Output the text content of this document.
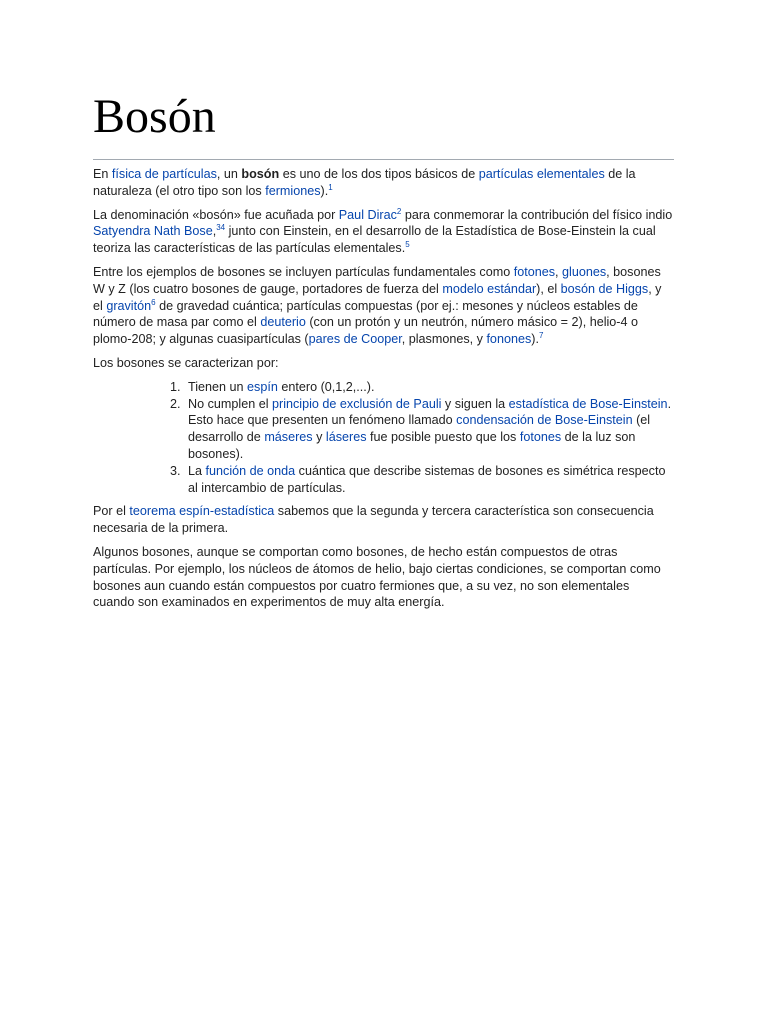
Bosón

En física de partículas, un bosón es uno de los dos tipos básicos de partículas elementales de la naturaleza (el otro tipo son los fermiones).$^1$

La denominación «bosón» fue acuñada por Paul Dirac$^2$ para conmemorar la contribución del físico indio Satyendra Nath Bose,$^{34}$ junto con Einstein, en el desarrollo de la Estadística de Bose-Einstein la cual teoriza las características de las partículas elementales.$^5$

Entre los ejemplos de bosones se incluyen partículas fundamentales como fotones, gluones, bosones W y Z (los cuatro bosones de gauge, portadores de fuerza del modelo estándar), el bosón de Higgs, y el gravitón$^6$ de gravedad cuántica; partículas compuestas (por ej.: mesones y núcleos estables de número de masa par como el deuterio (con un protón y un neutrón, número másico = 2), helio-4 o plomo-208; y algunas cuasipartículas (pares de Cooper, plasmones, y fonones).$^7$

Los bosones se caracterizan por:

1. Tienen un espín entero (0,1,2,...).
2. No cumplen el principio de exclusión de Pauli y siguen la estadística de Bose-Einstein. Esto hace que presenten un fenómeno llamado condensación de Bose-Einstein (el desarrollo de máseres y láseres fue posible puesto que los fotones de la luz son bosones).
3. La función de onda cuántica que describe sistemas de bosones es simétrica respecto al intercambio de partículas.

Por el teorema espín-estadística sabemos que la segunda y tercera característica son consecuencia necesaria de la primera.

Algunos bosones, aunque se comportan como bosones, de hecho están compuestos de otras partículas. Por ejemplo, los núcleos de átomos de helio, bajo ciertas condiciones, se comportan como bosones aun cuando están compuestos por cuatro fermiones que, a su vez, no son elementales cuando son examinados en experimentos de muy alta energía.
